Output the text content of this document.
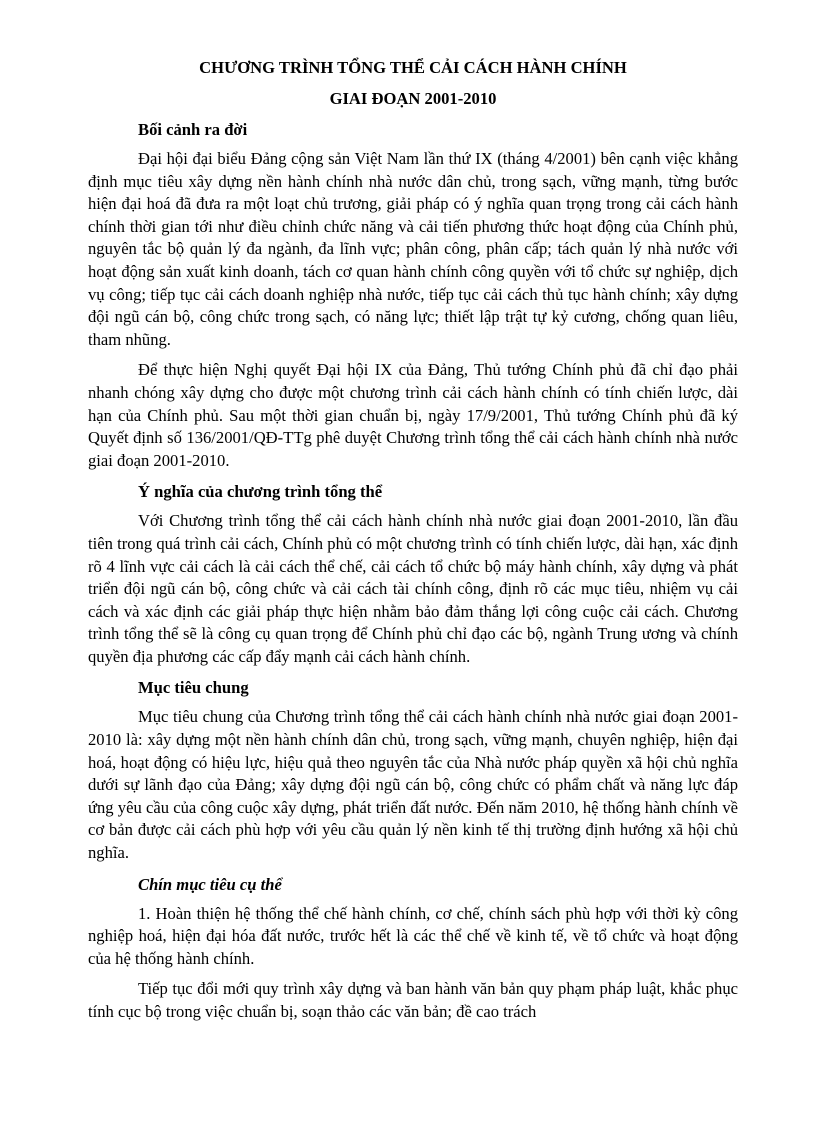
CHƯƠNG TRÌNH TỔNG THỂ CẢI CÁCH HÀNH CHÍNH

GIAI ĐOẠN 2001-2010

Bối cảnh ra đời

Đại hội đại biểu Đảng cộng sản Việt Nam lần thứ IX (tháng 4/2001) bên cạnh việc khẳng định mục tiêu xây dựng nền hành chính nhà nước dân chủ, trong sạch, vững mạnh, từng bước hiện đại hoá đã đưa ra một loạt chủ trương, giải pháp có ý nghĩa quan trọng trong cải cách hành chính thời gian tới như điều chỉnh chức năng và cải tiến phương thức hoạt động của Chính phủ, nguyên tắc bộ quản lý đa ngành, đa lĩnh vực; phân công, phân cấp; tách quản lý nhà nước với hoạt động sản xuất kinh doanh, tách cơ quan hành chính công quyền với tổ chức sự nghiệp, dịch vụ công; tiếp tục cải cách doanh nghiệp nhà nước, tiếp tục cải cách thủ tục hành chính; xây dựng đội ngũ cán bộ, công chức trong sạch, có năng lực; thiết lập trật tự kỷ cương, chống quan liêu, tham nhũng.

Để thực hiện Nghị quyết Đại hội IX của Đảng, Thủ tướng Chính phủ đã chỉ đạo phải nhanh chóng xây dựng cho được một chương trình cải cách hành chính có tính chiến lược, dài hạn của Chính phủ. Sau một thời gian chuẩn bị, ngày 17/9/2001, Thủ tướng Chính phủ đã ký Quyết định số 136/2001/QĐ-TTg phê duyệt Chương trình tổng thể cải cách hành chính nhà nước giai đoạn 2001-2010.

Ý nghĩa của chương trình tổng thể

Với Chương trình tổng thể cải cách hành chính nhà nước giai đoạn 2001-2010, lần đầu tiên trong quá trình cải cách, Chính phủ có một chương trình có tính chiến lược, dài hạn, xác định rõ 4 lĩnh vực cải cách là cải cách thể chế, cải cách tổ chức bộ máy hành chính, xây dựng và phát triển đội ngũ cán bộ, công chức và cải cách tài chính công, định rõ các mục tiêu, nhiệm vụ cải cách và xác định các giải pháp thực hiện nhằm bảo đảm thắng lợi công cuộc cải cách. Chương trình tổng thể sẽ là công cụ quan trọng để Chính phủ chỉ đạo các bộ, ngành Trung ương và chính quyền địa phương các cấp đẩy mạnh cải cách hành chính.

Mục tiêu chung

Mục tiêu chung của Chương trình tổng thể cải cách hành chính nhà nước giai đoạn 2001-2010 là: xây dựng một nền hành chính dân chủ, trong sạch, vững mạnh, chuyên nghiệp, hiện đại hoá, hoạt động có hiệu lực, hiệu quả theo nguyên tắc của Nhà nước pháp quyền xã hội chủ nghĩa dưới sự lãnh đạo của Đảng; xây dựng đội ngũ cán bộ, công chức có phẩm chất và năng lực đáp ứng yêu cầu của công cuộc xây dựng, phát triển đất nước. Đến năm 2010, hệ thống hành chính về cơ bản được cải cách phù hợp với yêu cầu quản lý nền kinh tế thị trường định hướng xã hội chủ nghĩa.

Chín mục tiêu cụ thể

1. Hoàn thiện hệ thống thể chế hành chính, cơ chế, chính sách phù hợp với thời kỳ công nghiệp hoá, hiện đại hóa đất nước, trước hết là các thể chế về kinh tế, về tổ chức và hoạt động của hệ thống hành chính.

Tiếp tục đổi mới quy trình xây dựng và ban hành văn bản quy phạm pháp luật, khắc phục tính cục bộ trong việc chuẩn bị, soạn thảo các văn bản; đề cao trách
